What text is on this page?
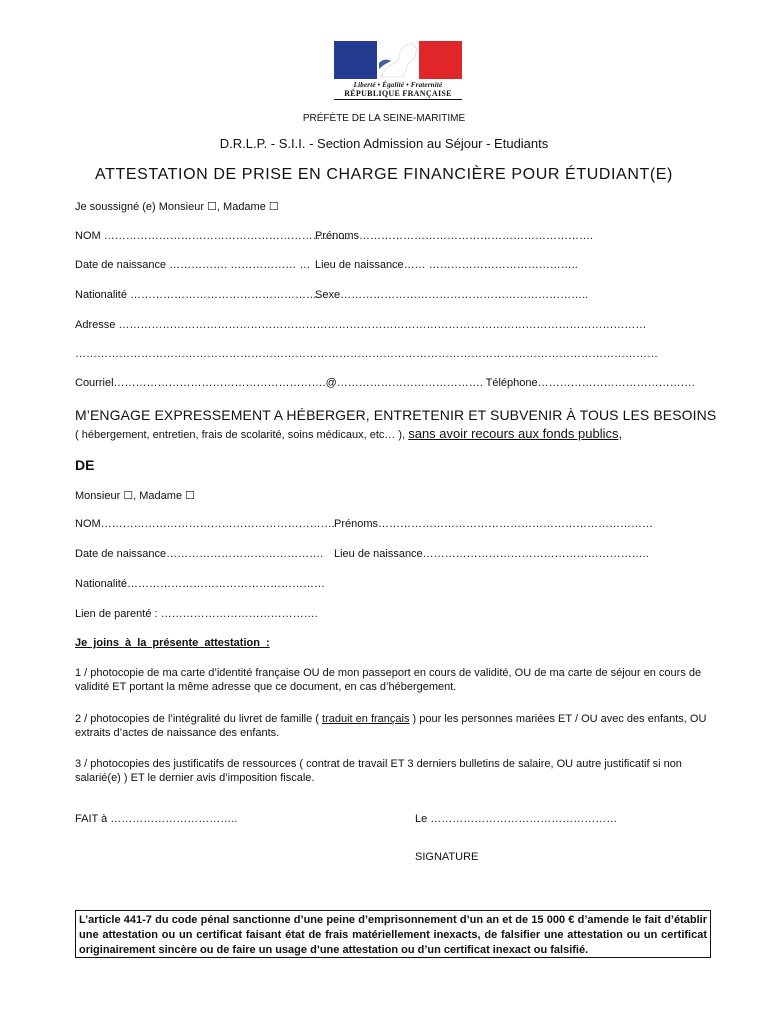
Liberté • Égalité • Fraternité
RÉPUBLIQUE FRANÇAISE
PRÉFÈTE DE LA SEINE-MARITIME
D.R.L.P. - S.I.I. - Section Admission au Séjour - Etudiants
ATTESTATION DE PRISE EN CHARGE FINANCIÈRE POUR ÉTUDIANT(E)
Je soussigné (e) Monsieur ☐, Madame ☐
NOM ………………………………………………………….
Prénoms……………………………………………………….
Date de naissance ……………. ……………… … Lieu de naissance…… …………………………………..
Nationalité …………………………………………….
Sexe…………………………………………………………..
Adresse ………………………………………………………………………………………………………………………………
……………………………………………………………………………………………………………………………………………
Courriel………………………………………………….@…………………………………. Téléphone…………………………………….
M’ENGAGE EXPRESSEMENT A HÉBERGER, ENTRETENIR ET SUBVENIR À TOUS LES BESOINS
( hébergement, entretien, frais de scolarité, soins médicaux, etc… ), sans avoir recours aux fonds publics,
DE
Monsieur ☐, Madame ☐
NOM………………………………………………………. Prénoms…………………………………………………………………
Date de naissance……………………………………. Lieu de naissance……………………………………………………..
Nationalité………………………………………………
Lien de parenté : …………………………………….
Je joins à la présente attestation :
1 / photocopie de ma carte d’identité française OU de mon passeport en cours de validité, OU de ma carte de séjour en cours de validité ET portant la même adresse que ce document, en cas d’hébergement.
2 / photocopies de l’intégralité du livret de famille ( traduit en français ) pour les personnes mariées ET / OU avec des enfants, OU extraits d’actes de naissance des enfants.
3 / photocopies des justificatifs de ressources ( contrat de travail ET 3 derniers bulletins de salaire, OU autre justificatif si non salarié(e) ) ET le dernier avis d’imposition fiscale.
FAIT à ……………………………..	Le ……………………………………………
SIGNATURE
L’article 441-7 du code pénal sanctionne d’une peine d’emprisonnement d’un an et de 15 000 € d’amende le fait d’établir une attestation ou un certificat faisant état de frais matériellement inexacts, de falsifier une attestation ou un certificat originairement sincère ou de faire un usage d’une attestation ou d’un certificat inexact ou falsifié.
